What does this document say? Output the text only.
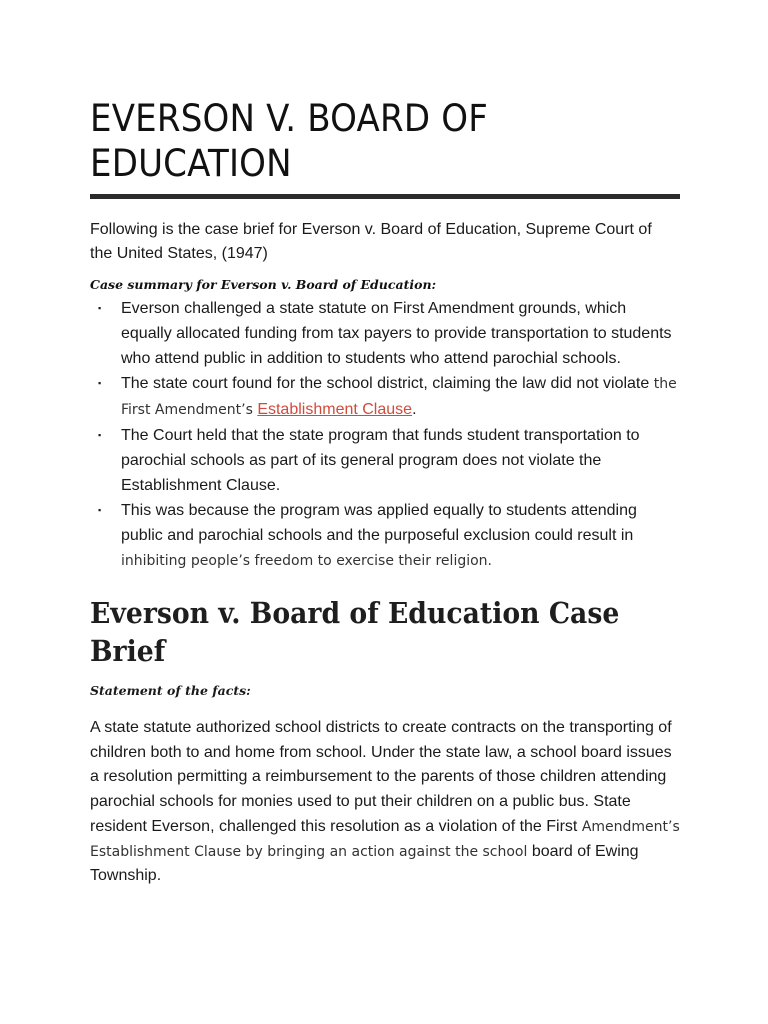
EVERSON V. BOARD OF
EDUCATION

Following is the case brief for Everson v. Board of Education, Supreme Court of the United States, (1947)

Case summary for Everson v. Board of Education:

▪ Everson challenged a state statute on First Amendment grounds, which equally allocated funding from tax payers to provide transportation to students who attend public in addition to students who attend parochial schools.
▪ The state court found for the school district, claiming the law did not violate the First Amendment’s Establishment Clause.
▪ The Court held that the state program that funds student transportation to parochial schools as part of its general program does not violate the Establishment Clause.
▪ This was because the program was applied equally to students attending public and parochial schools and the purposeful exclusion could result in inhibiting people’s freedom to exercise their religion.
Everson v. Board of Education Case Brief

Statement of the facts:

A state statute authorized school districts to create contracts on the transporting of children both to and home from school. Under the state law, a school board issues a resolution permitting a reimbursement to the parents of those children attending parochial schools for monies used to put their children on a public bus. State resident Everson, challenged this resolution as a violation of the First Amendment’s Establishment Clause by bringing an action against the school board of Ewing Township.
